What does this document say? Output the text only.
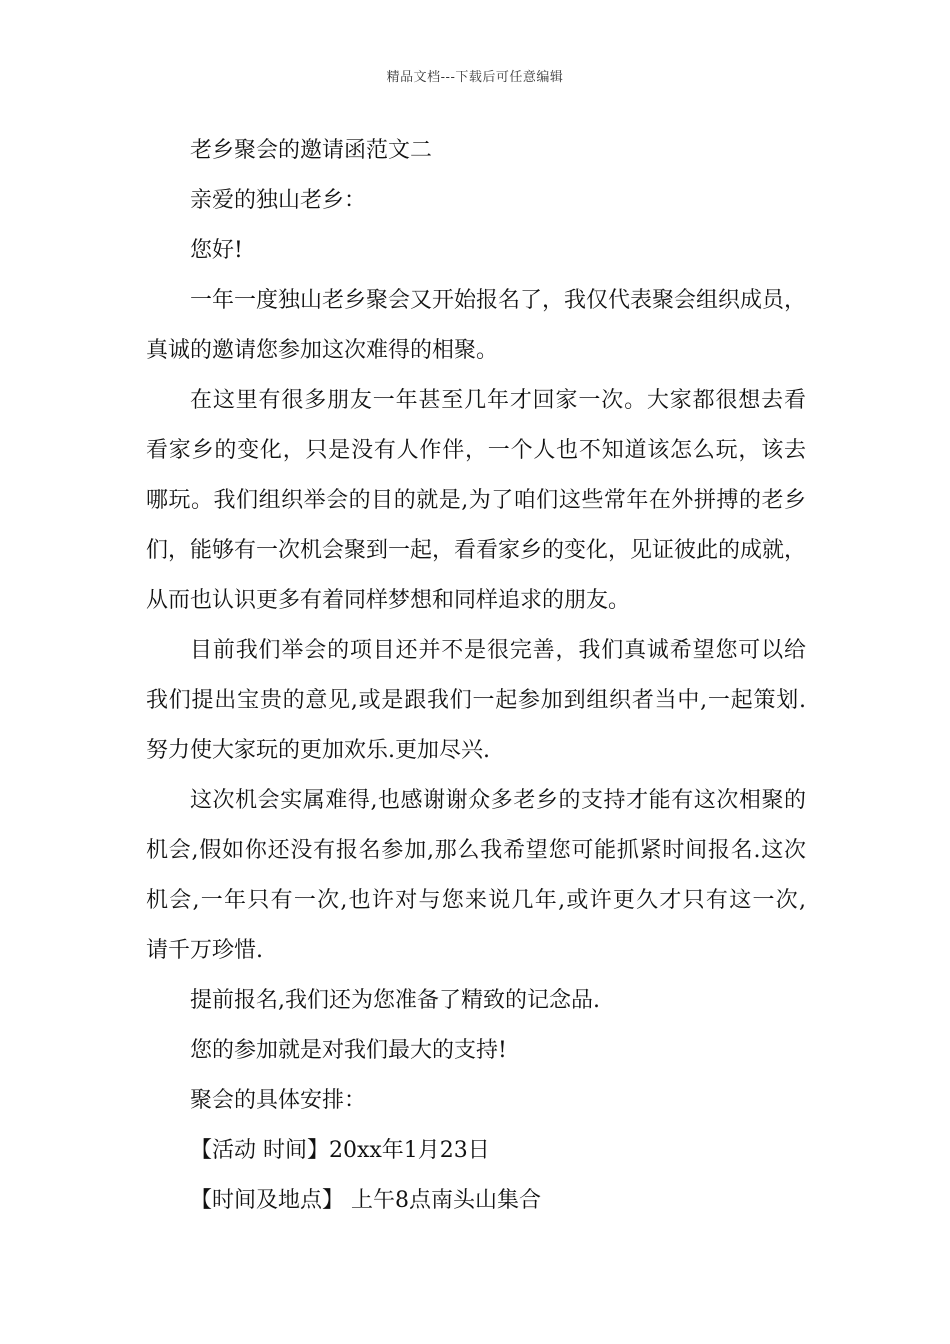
精品文档---下载后可任意编辑
老乡聚会的邀请函范文二
亲爱的独山老乡：
您好!
一年一度独山老乡聚会又开始报名了，我仅代表聚会组织成员，
真诚的邀请您参加这次难得的相聚。
在这里有很多朋友一年甚至几年才回家一次。大家都很想去看
看家乡的变化，只是没有人作伴，一个人也不知道该怎么玩，该去
哪玩。我们组织举会的目的就是,为了咱们这些常年在外拼搏的老乡
们，能够有一次机会聚到一起，看看家乡的变化，见证彼此的成就，
从而也认识更多有着同样梦想和同样追求的朋友。
目前我们举会的项目还并不是很完善，我们真诚希望您可以给
我们提出宝贵的意见,或是跟我们一起参加到组织者当中,一起策划.
努力使大家玩的更加欢乐.更加尽兴.
这次机会实属难得,也感谢谢众多老乡的支持才能有这次相聚的
机会,假如你还没有报名参加,那么我希望您可能抓紧时间报名.这次
机会,一年只有一次,也许对与您来说几年,或许更久才只有这一次,
请千万珍惜.
提前报名,我们还为您准备了精致的记念品.
您的参加就是对我们最大的支持!
聚会的具体安排：
【活动 时间】20xx年1月23日
【时间及地点】 上午8点南头山集合
